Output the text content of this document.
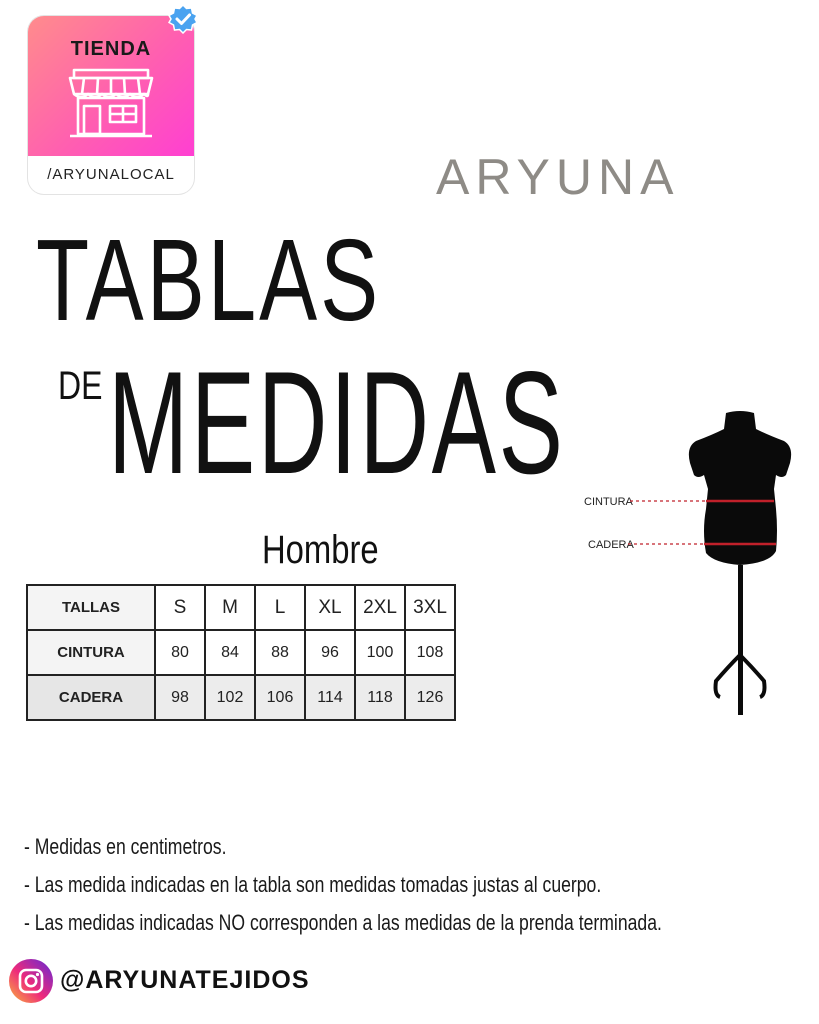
TIENDA
/ARYUNALOCAL	ARYUNA
TABLAS
DE MEDIDAS
Hombre
TALLAS	S	M	L	XL	2XL	3XL
CINTURA	80	84	88	96	100	108
CADERA	98	102	106	114	118	126
CINTURA
CADERA

- Medidas en centimetros.

- Las medida indicadas en la tabla son medidas tomadas justas al cuerpo.

- Las medidas indicadas NO corresponden a las medidas de la prenda terminada.

@ARYUNATEJIDOS
